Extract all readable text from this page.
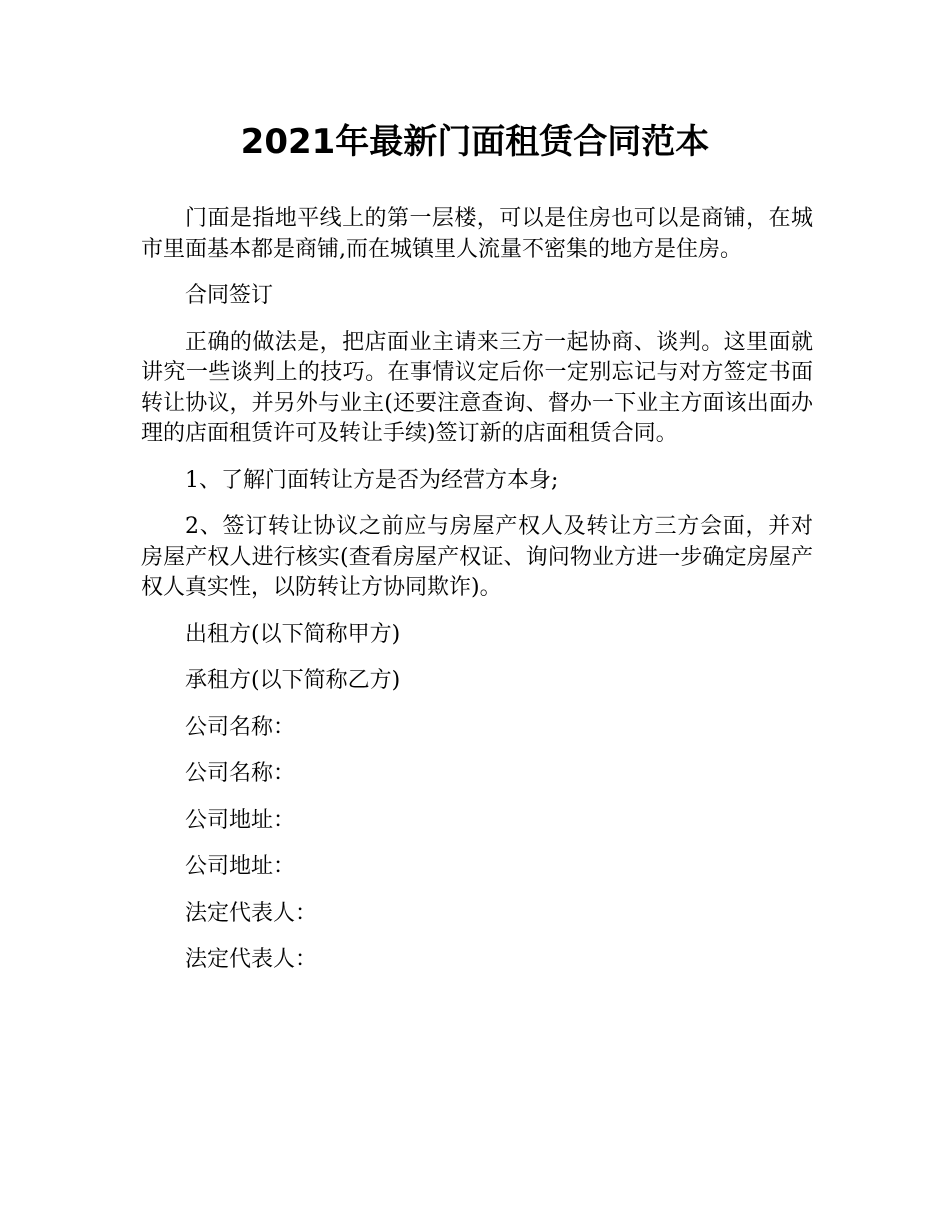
2021年最新门面租赁合同范本

门面是指地平线上的第一层楼，可以是住房也可以是商铺，在城市里面基本都是商铺,而在城镇里人流量不密集的地方是住房。

合同签订

正确的做法是，把店面业主请来三方一起协商、谈判。这里面就讲究一些谈判上的技巧。在事情议定后你一定别忘记与对方签定书面转让协议，并另外与业主(还要注意查询、督办一下业主方面该出面办理的店面租赁许可及转让手续)签订新的店面租赁合同。

1、了解门面转让方是否为经营方本身;

2、签订转让协议之前应与房屋产权人及转让方三方会面，并对房屋产权人进行核实(查看房屋产权证、询问物业方进一步确定房屋产权人真实性，以防转让方协同欺诈)。

出租方(以下简称甲方)

承租方(以下简称乙方)

公司名称：

公司名称：

公司地址：

公司地址：

法定代表人：

法定代表人：
